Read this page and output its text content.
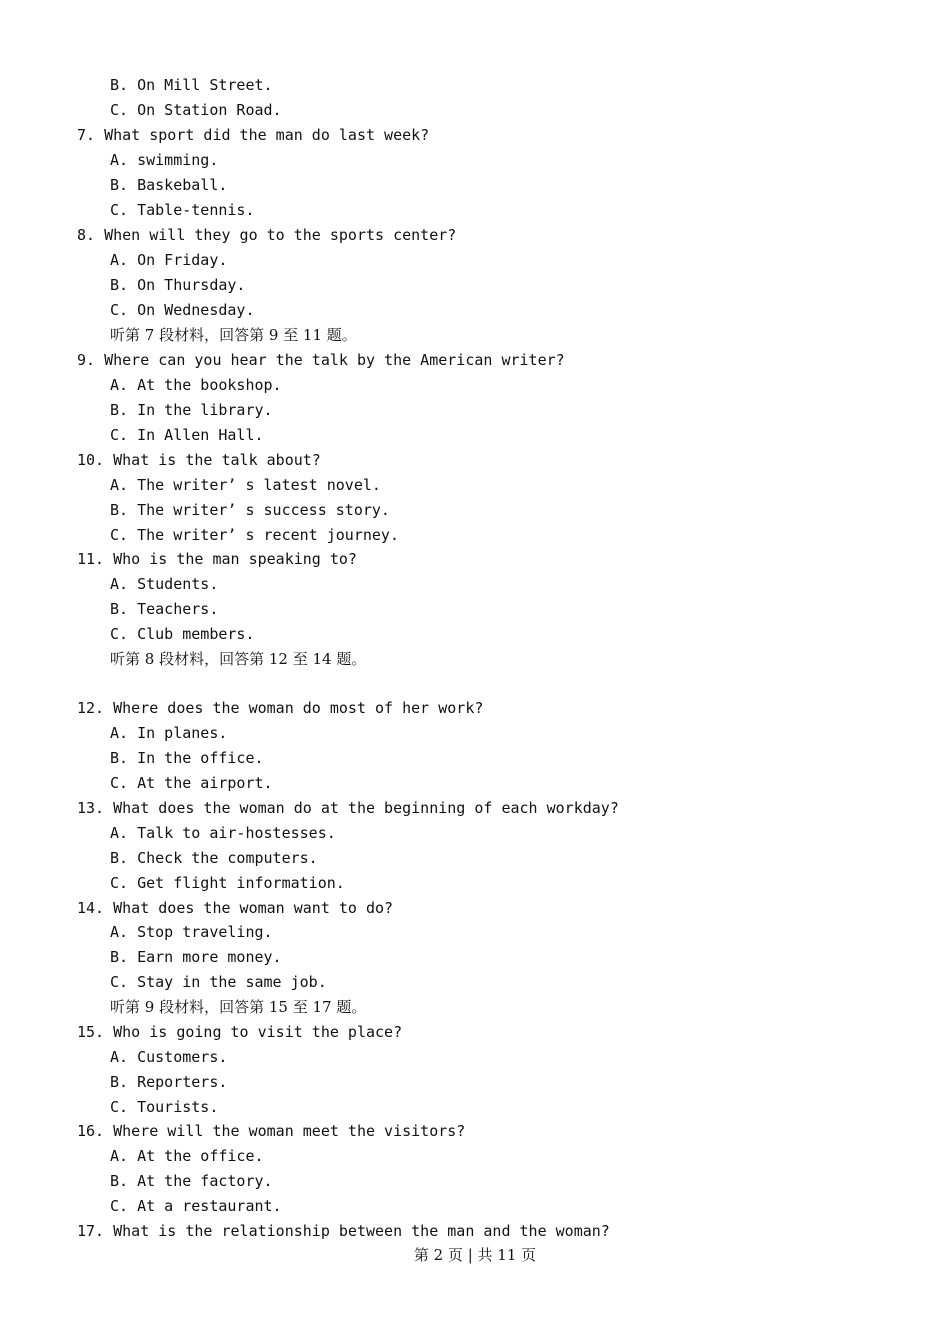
B. On Mill Street.
C. On Station Road.
7. What sport did the man do last week?
A. swimming.
B. Baskeball.
C. Table-tennis.
8. When will they go to the sports center?
A. On Friday.
B. On Thursday.
C. On Wednesday.
听第 7 段材料，回答第 9 至 11 题。
9. Where can you hear the talk by the American writer?
A. At the bookshop.
B. In the library.
C. In Allen Hall.
10. What is the talk about?
A. The writer’ s latest novel.
B. The writer’ s success story.
C. The writer’ s recent journey.
11. Who is the man speaking to?
A. Students.
B. Teachers.
C. Club members.
听第 8 段材料，回答第 12 至 14 题。
12. Where does the woman do most of her work?
A. In planes.
B. In the office.
C. At the airport.
13. What does the woman do at the beginning of each workday?
A. Talk to air-hostesses.
B. Check the computers.
C. Get flight information.
14. What does the woman want to do?
A. Stop traveling.
B. Earn more money.
C. Stay in the same job.
听第 9 段材料，回答第 15 至 17 题。
15. Who is going to visit the place?
A. Customers.
B. Reporters.
C. Tourists.
16. Where will the woman meet the visitors?
A. At the office.
B. At the factory.
C. At a restaurant.
17. What is the relationship between the man and the woman?
第 2 页 | 共 11 页
